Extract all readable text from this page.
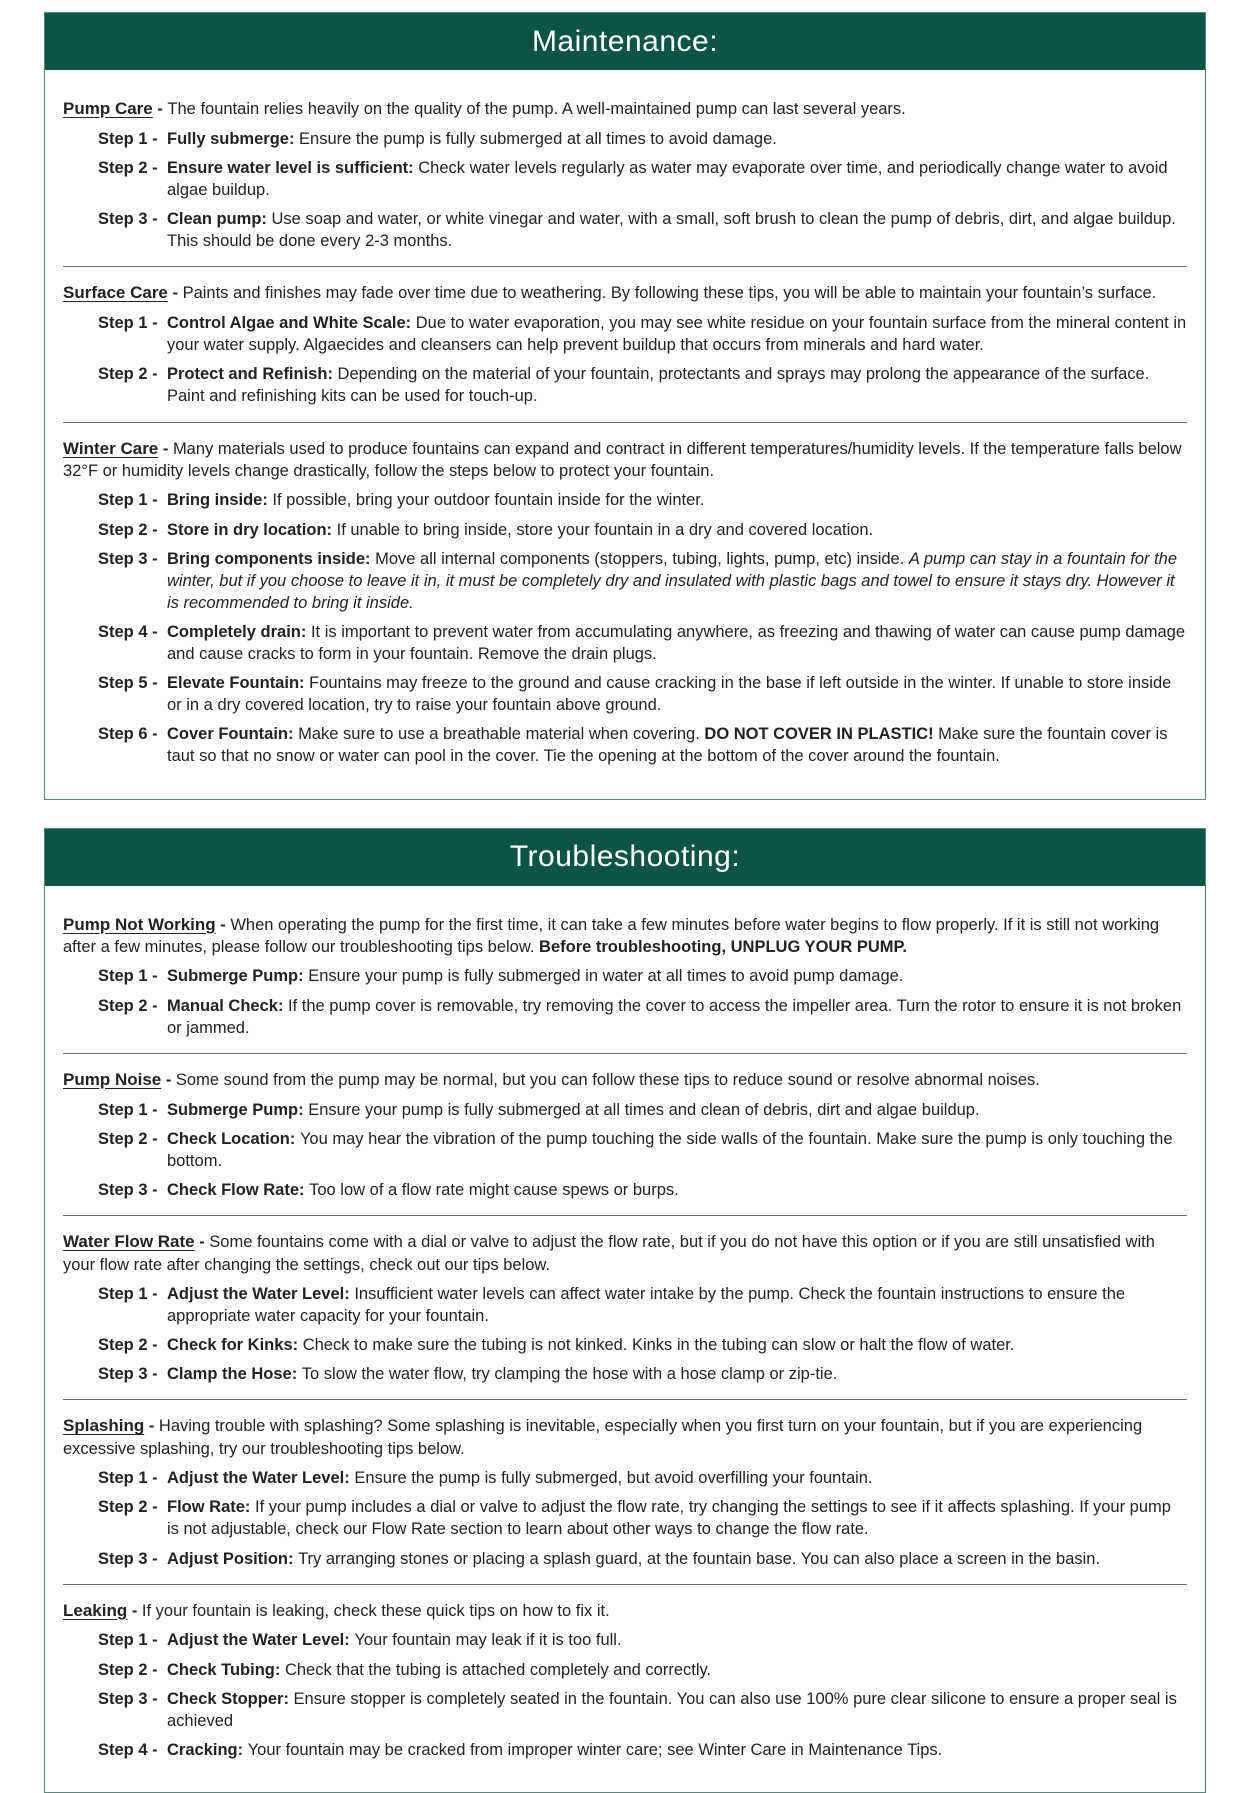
Maintenance:

Pump Care - The fountain relies heavily on the quality of the pump. A well-maintained pump can last several years.

Step 1 - Fully submerge: Ensure the pump is fully submerged at all times to avoid damage.
Step 2 - Ensure water level is sufficient: Check water levels regularly as water may evaporate over time, and periodically change water to avoid algae buildup.
Step 3 - Clean pump: Use soap and water, or white vinegar and water, with a small, soft brush to clean the pump of debris, dirt, and algae buildup. This should be done every 2-3 months.

Surface Care - Paints and finishes may fade over time due to weathering. By following these tips, you will be able to maintain your fountain’s surface.

Step 1 - Control Algae and White Scale: Due to water evaporation, you may see white residue on your fountain surface from the mineral content in your water supply. Algaecides and cleansers can help prevent buildup that occurs from minerals and hard water.
Step 2 - Protect and Refinish: Depending on the material of your fountain, protectants and sprays may prolong the appearance of the surface. Paint and refinishing kits can be used for touch-up.

Winter Care - Many materials used to produce fountains can expand and contract in different temperatures/humidity levels. If the temperature falls below 32°F or humidity levels change drastically, follow the steps below to protect your fountain.

Step 1 - Bring inside: If possible, bring your outdoor fountain inside for the winter.
Step 2 - Store in dry location: If unable to bring inside, store your fountain in a dry and covered location.
Step 3 - Bring components inside: Move all internal components (stoppers, tubing, lights, pump, etc) inside. A pump can stay in a fountain for the winter, but if you choose to leave it in, it must be completely dry and insulated with plastic bags and towel to ensure it stays dry. However it is recommended to bring it inside.
Step 4 - Completely drain: It is important to prevent water from accumulating anywhere, as freezing and thawing of water can cause pump damage and cause cracks to form in your fountain. Remove the drain plugs.
Step 5 - Elevate Fountain: Fountains may freeze to the ground and cause cracking in the base if left outside in the winter. If unable to store inside or in a dry covered location, try to raise your fountain above ground.
Step 6 - Cover Fountain: Make sure to use a breathable material when covering. DO NOT COVER IN PLASTIC! Make sure the fountain cover is taut so that no snow or water can pool in the cover. Tie the opening at the bottom of the cover around the fountain.
Troubleshooting:

Pump Not Working - When operating the pump for the first time, it can take a few minutes before water begins to flow properly. If it is still not working after a few minutes, please follow our troubleshooting tips below. Before troubleshooting, UNPLUG YOUR PUMP.

Step 1 - Submerge Pump: Ensure your pump is fully submerged in water at all times to avoid pump damage.
Step 2 - Manual Check: If the pump cover is removable, try removing the cover to access the impeller area. Turn the rotor to ensure it is not broken or jammed.

Pump Noise - Some sound from the pump may be normal, but you can follow these tips to reduce sound or resolve abnormal noises.

Step 1 - Submerge Pump: Ensure your pump is fully submerged at all times and clean of debris, dirt and algae buildup.
Step 2 - Check Location: You may hear the vibration of the pump touching the side walls of the fountain. Make sure the pump is only touching the bottom.
Step 3 - Check Flow Rate: Too low of a flow rate might cause spews or burps.

Water Flow Rate - Some fountains come with a dial or valve to adjust the flow rate, but if you do not have this option or if you are still unsatisfied with your flow rate after changing the settings, check out our tips below.

Step 1 - Adjust the Water Level: Insufficient water levels can affect water intake by the pump. Check the fountain instructions to ensure the appropriate water capacity for your fountain.
Step 2 - Check for Kinks: Check to make sure the tubing is not kinked. Kinks in the tubing can slow or halt the flow of water.
Step 3 - Clamp the Hose: To slow the water flow, try clamping the hose with a hose clamp or zip-tie.

Splashing - Having trouble with splashing? Some splashing is inevitable, especially when you first turn on your fountain, but if you are experiencing excessive splashing, try our troubleshooting tips below.

Step 1 - Adjust the Water Level: Ensure the pump is fully submerged, but avoid overfilling your fountain.
Step 2 - Flow Rate: If your pump includes a dial or valve to adjust the flow rate, try changing the settings to see if it affects splashing. If your pump is not adjustable, check our Flow Rate section to learn about other ways to change the flow rate.
Step 3 - Adjust Position: Try arranging stones or placing a splash guard, at the fountain base. You can also place a screen in the basin.

Leaking - If your fountain is leaking, check these quick tips on how to fix it.

Step 1 - Adjust the Water Level: Your fountain may leak if it is too full.
Step 2 - Check Tubing: Check that the tubing is attached completely and correctly.
Step 3 - Check Stopper: Ensure stopper is completely seated in the fountain. You can also use 100% pure clear silicone to ensure a proper seal is achieved
Step 4 - Cracking: Your fountain may be cracked from improper winter care; see Winter Care in Maintenance Tips.
